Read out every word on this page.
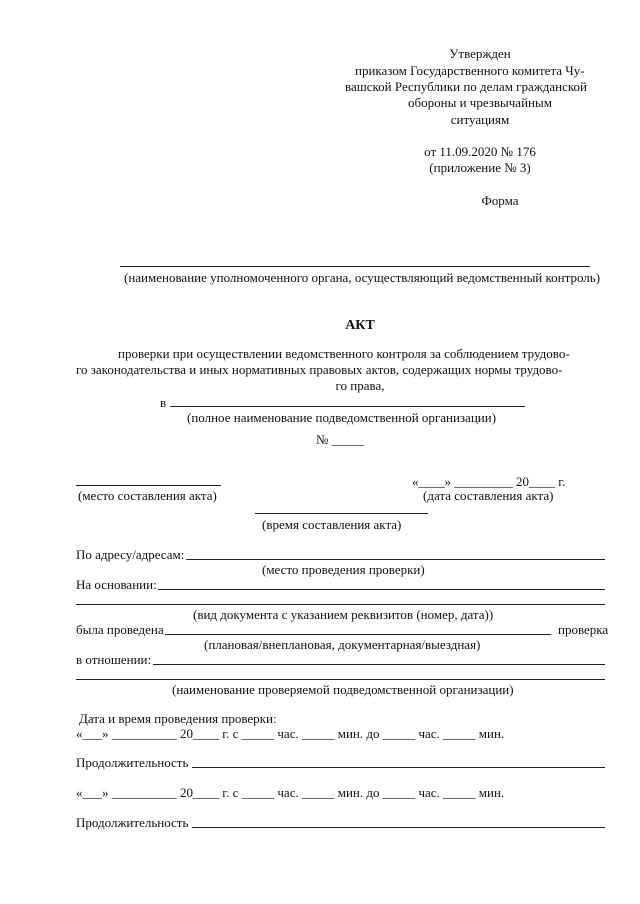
Утвержден
приказом Государственного комитета Чу-
вашской Республики по делам гражданской
обороны и чрезвычайным
ситуациям
от 11.09.2020 № 176
(приложение № 3)
Форма
(наименование уполномоченного органа, осуществляющий ведомственный контроль)
АКТ
проверки при осуществлении ведомственного контроля за соблюдением трудово-
го законодательства и иных нормативных правовых актов, содержащих нормы трудово-
го права,
в
(полное наименование подведомственной организации)
№ _____
(место составления акта)
«____» _________ 20____ г.
(дата составления акта)
(время составления акта)
По адресу/адресам:
(место проведения проверки)
На основании:
(вид документа с указанием реквизитов (номер, дата))
была проведена	проверка
(плановая/внеплановая, документарная/выездная)
в отношении:
(наименование проверяемой подведомственной организации)
Дата и время проведения проверки:
«___» __________ 20____ г. с _____ час. _____ мин. до _____ час. _____ мин.
Продолжительность
«___» __________ 20____ г. с _____ час. _____ мин. до _____ час. _____ мин.
Продолжительность
